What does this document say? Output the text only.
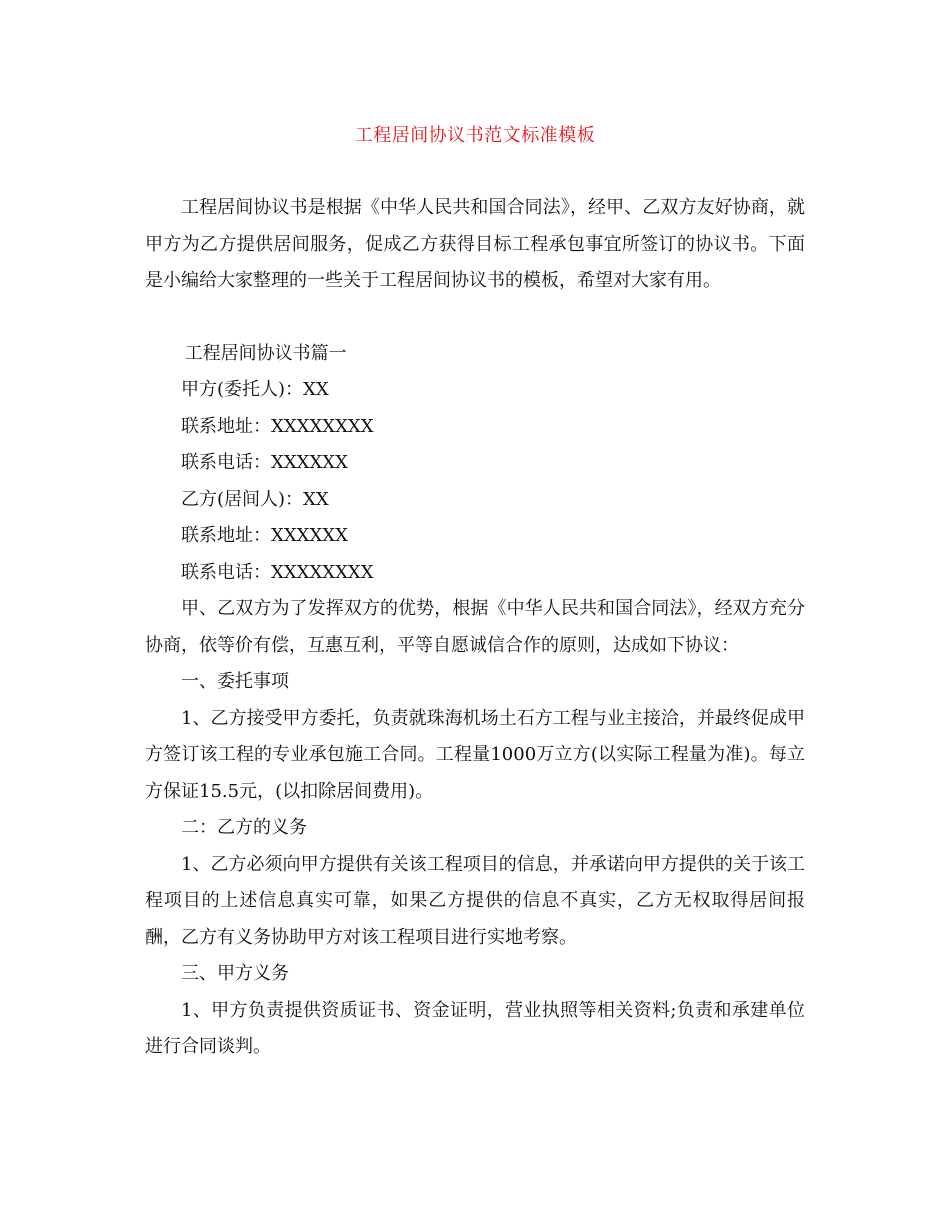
工程居间协议书范文标准模板

工程居间协议书是根据《中华人民共和国合同法》，经甲、乙双方友好协商，就甲方为乙方提供居间服务，促成乙方获得目标工程承包事宜所签订的协议书。下面是小编给大家整理的一些关于工程居间协议书的模板，希望对大家有用。

工程居间协议书篇一

甲方(委托人)：XX

联系地址：XXXXXXXX

联系电话：XXXXXX

乙方(居间人)：XX

联系地址：XXXXXX

联系电话：XXXXXXXX

甲、乙双方为了发挥双方的优势，根据《中华人民共和国合同法》，经双方充分协商，依等价有偿，互惠互利，平等自愿诚信合作的原则，达成如下协议：

一、委托事项

1、乙方接受甲方委托，负责就珠海机场土石方工程与业主接洽，并最终促成甲方签订该工程的专业承包施工合同。工程量1000万立方(以实际工程量为准)。每立方保证15.5元，(以扣除居间费用)。

二：乙方的义务

1、乙方必须向甲方提供有关该工程项目的信息，并承诺向甲方提供的关于该工程项目的上述信息真实可靠，如果乙方提供的信息不真实，乙方无权取得居间报酬，乙方有义务协助甲方对该工程项目进行实地考察。

三、甲方义务

1、甲方负责提供资质证书、资金证明，营业执照等相关资料;负责和承建单位进行合同谈判。
